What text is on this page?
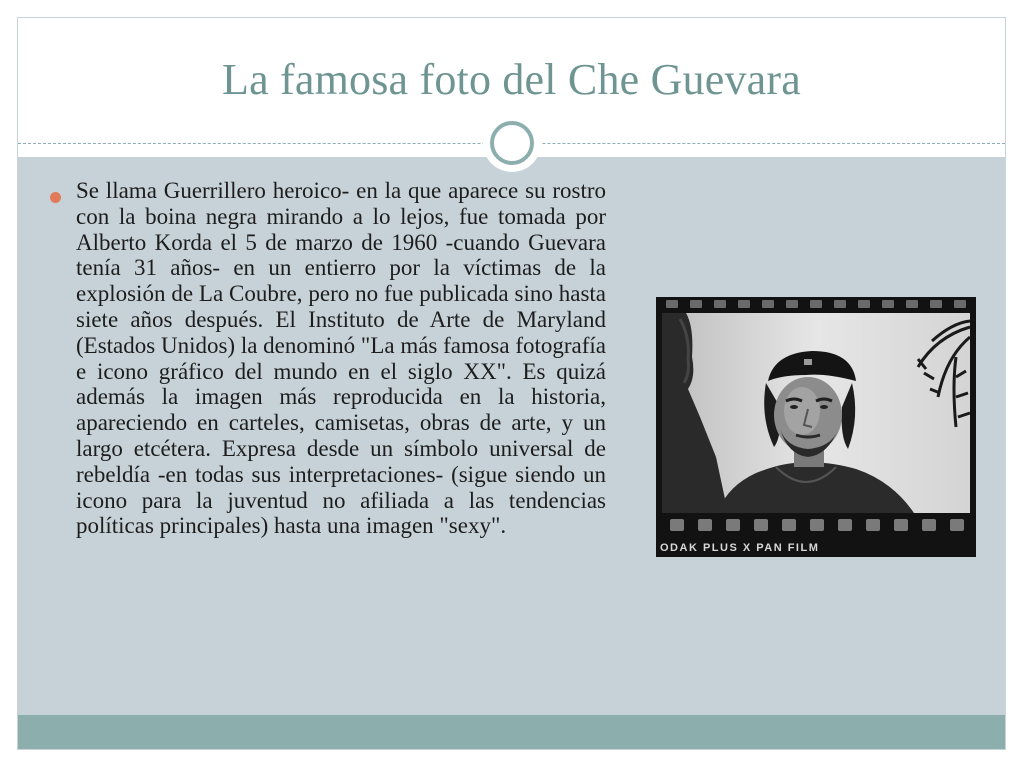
La famosa foto del Che Guevara

Se llama Guerrillero heroico- en la que aparece su rostro con la boina negra mirando a lo lejos, fue tomada por Alberto Korda el 5 de marzo de 1960 -cuando Guevara tenía 31 años- en un entierro por la víctimas de la explosión de La Coubre, pero no fue publicada sino hasta siete años después. El Instituto de Arte de Maryland (Estados Unidos) la denominó "La más famosa fotografía e icono gráfico del mundo en el siglo XX". Es quizá además la imagen más reproducida en la historia, apareciendo en carteles, camisetas, obras de arte, y un largo etcétera. Expresa desde un símbolo universal de rebeldía -en todas sus interpretaciones- (sigue siendo un icono para la juventud no afiliada a las tendencias políticas principales) hasta una imagen "sexy".

ODAK PLUS X PAN FILM
